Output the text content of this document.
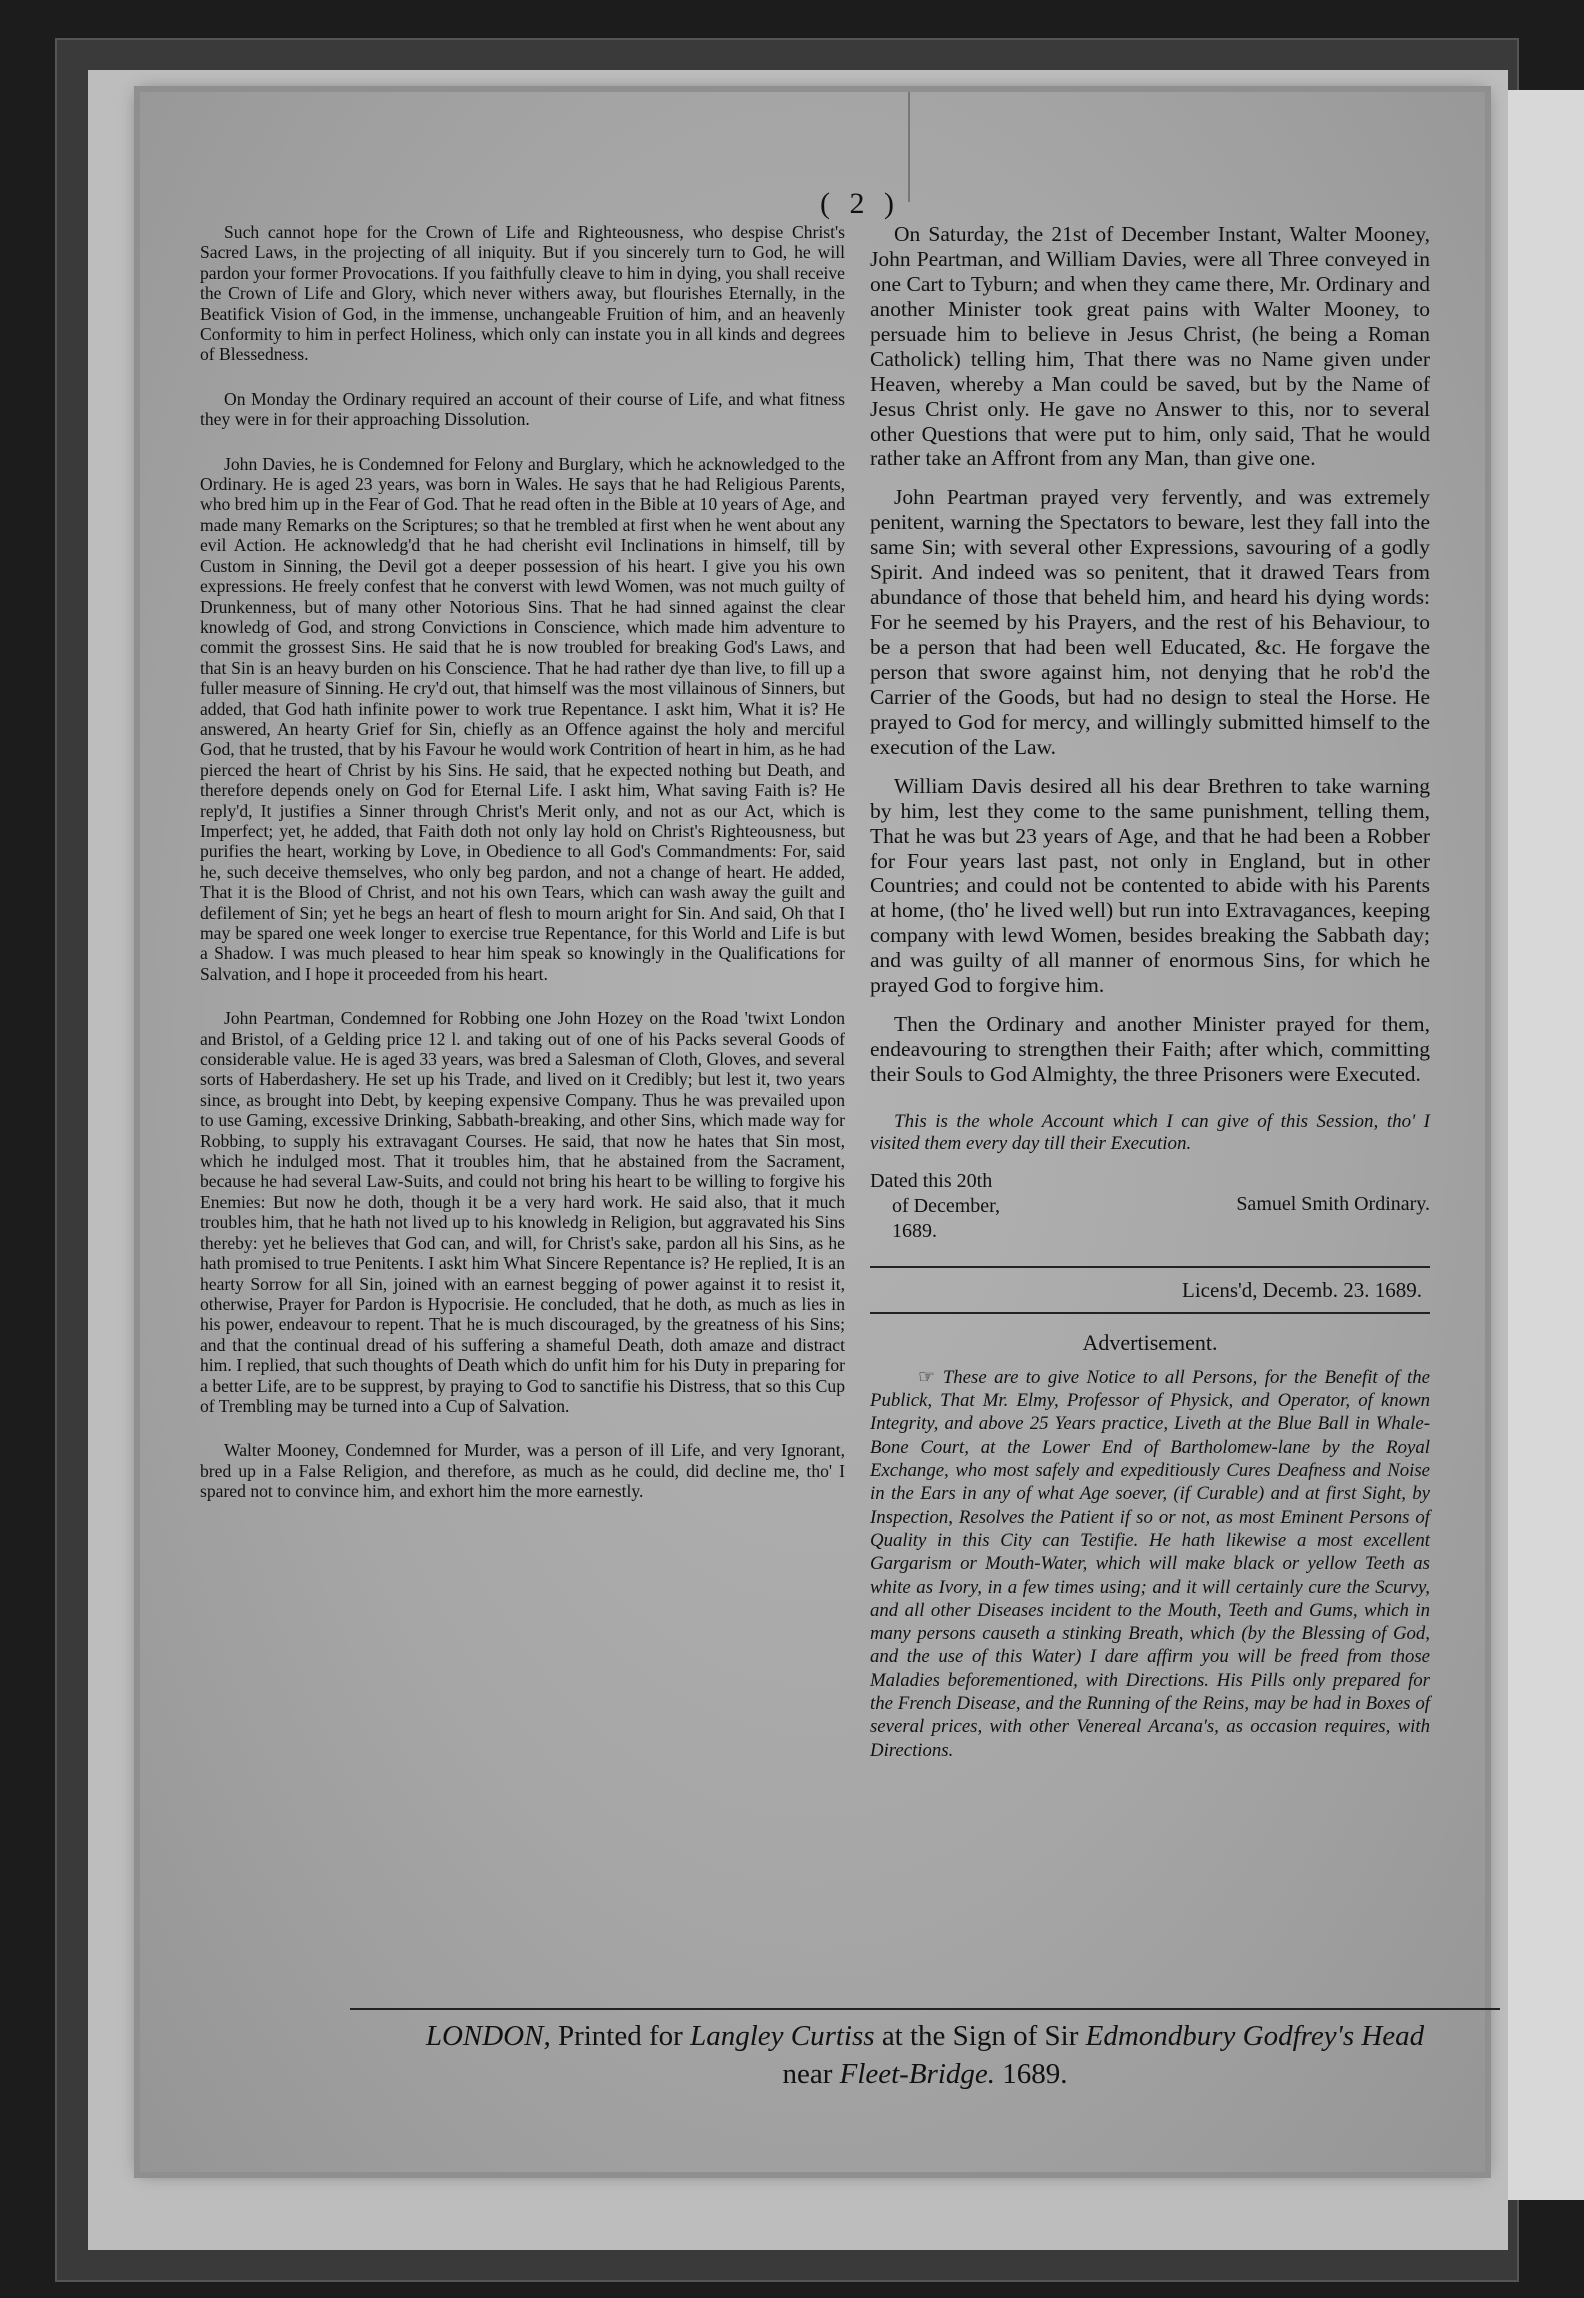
( 2 )

Such cannot hope for the Crown of Life and Righteousness, who despise Christ's Sacred Laws, in the projecting of all iniquity. But if you sincerely turn to God, he will pardon your former Provocations. If you faithfully cleave to him in dying, you shall receive the Crown of Life and Glory, which never withers away, but flourishes Eternally, in the Beatifick Vision of God, in the immense, unchangeable Fruition of him, and an heavenly Conformity to him in perfect Holiness, which only can instate you in all kinds and degrees of Blessedness.

On Monday the Ordinary required an account of their course of Life, and what fitness they were in for their approaching Dissolution.

John Davies, he is Condemned for Felony and Burglary, which he acknowledged to the Ordinary. He is aged 23 years, was born in Wales. He says that he had Religious Parents, who bred him up in the Fear of God. That he read often in the Bible at 10 years of Age, and made many Remarks on the Scriptures; so that he trembled at first when he went about any evil Action. He acknowledg'd that he had cherisht evil Inclinations in himself, till by Custom in Sinning, the Devil got a deeper possession of his heart. I give you his own expressions. He freely confest that he converst with lewd Women, was not much guilty of Drunkenness, but of many other Notorious Sins. That he had sinned against the clear knowledg of God, and strong Convictions in Conscience, which made him adventure to commit the grossest Sins. He said that he is now troubled for breaking God's Laws, and that Sin is an heavy burden on his Conscience. That he had rather dye than live, to fill up a fuller measure of Sinning. He cry'd out, that himself was the most villainous of Sinners, but added, that God hath infinite power to work true Repentance. I askt him, What it is? He answered, An hearty Grief for Sin, chiefly as an Offence against the holy and merciful God, that he trusted, that by his Favour he would work Contrition of heart in him, as he had pierced the heart of Christ by his Sins. He said, that he expected nothing but Death, and therefore depends onely on God for Eternal Life. I askt him, What saving Faith is? He reply'd, It justifies a Sinner through Christ's Merit only, and not as our Act, which is Imperfect; yet, he added, that Faith doth not only lay hold on Christ's Righteousness, but purifies the heart, working by Love, in Obedience to all God's Commandments: For, said he, such deceive themselves, who only beg pardon, and not a change of heart. He added, That it is the Blood of Christ, and not his own Tears, which can wash away the guilt and defilement of Sin; yet he begs an heart of flesh to mourn aright for Sin. And said, Oh that I may be spared one week longer to exercise true Repentance, for this World and Life is but a Shadow. I was much pleased to hear him speak so knowingly in the Qualifications for Salvation, and I hope it proceeded from his heart.

John Peartman, Condemned for Robbing one John Hozey on the Road 'twixt London and Bristol, of a Gelding price 12 l. and taking out of one of his Packs several Goods of considerable value. He is aged 33 years, was bred a Salesman of Cloth, Gloves, and several sorts of Haberdashery. He set up his Trade, and lived on it Credibly; but lest it, two years since, as brought into Debt, by keeping expensive Company. Thus he was prevailed upon to use Gaming, excessive Drinking, Sabbath-breaking, and other Sins, which made way for Robbing, to supply his extravagant Courses. He said, that now he hates that Sin most, which he indulged most. That it troubles him, that he abstained from the Sacrament, because he had several Law-Suits, and could not bring his heart to be willing to forgive his Enemies: But now he doth, though it be a very hard work. He said also, that it much troubles him, that he hath not lived up to his knowledg in Religion, but aggravated his Sins thereby: yet he believes that God can, and will, for Christ's sake, pardon all his Sins, as he hath promised to true Penitents. I askt him What Sincere Repentance is? He replied, It is an hearty Sorrow for all Sin, joined with an earnest begging of power against it to resist it, otherwise, Prayer for Pardon is Hypocrisie. He concluded, that he doth, as much as lies in his power, endeavour to repent. That he is much discouraged, by the greatness of his Sins; and that the continual dread of his suffering a shameful Death, doth amaze and distract him. I replied, that such thoughts of Death which do unfit him for his Duty in preparing for a better Life, are to be supprest, by praying to God to sanctifie his Distress, that so this Cup of Trembling may be turned into a Cup of Salvation.

Walter Mooney, Condemned for Murder, was a person of ill Life, and very Ignorant, bred up in a False Religion, and therefore, as much as he could, did decline me, tho' I spared not to convince him, and exhort him the more earnestly.

On Saturday, the 21st of December Instant, Walter Mooney, John Peartman, and William Davies, were all Three conveyed in one Cart to Tyburn; and when they came there, Mr. Ordinary and another Minister took great pains with Walter Mooney, to persuade him to believe in Jesus Christ, (he being a Roman Catholick) telling him, That there was no Name given under Heaven, whereby a Man could be saved, but by the Name of Jesus Christ only. He gave no Answer to this, nor to several other Questions that were put to him, only said, That he would rather take an Affront from any Man, than give one.

John Peartman prayed very fervently, and was extremely penitent, warning the Spectators to beware, lest they fall into the same Sin; with several other Expressions, savouring of a godly Spirit. And indeed was so penitent, that it drawed Tears from abundance of those that beheld him, and heard his dying words: For he seemed by his Prayers, and the rest of his Behaviour, to be a person that had been well Educated, &c. He forgave the person that swore against him, not denying that he rob'd the Carrier of the Goods, but had no design to steal the Horse. He prayed to God for mercy, and willingly submitted himself to the execution of the Law.

William Davis desired all his dear Brethren to take warning by him, lest they come to the same punishment, telling them, That he was but 23 years of Age, and that he had been a Robber for Four years last past, not only in England, but in other Countries; and could not be contented to abide with his Parents at home, (tho' he lived well) but run into Extravagances, keeping company with lewd Women, besides breaking the Sabbath day; and was guilty of all manner of enormous Sins, for which he prayed God to forgive him.

Then the Ordinary and another Minister prayed for them, endeavouring to strengthen their Faith; after which, committing their Souls to God Almighty, the three Prisoners were Executed.

This is the whole Account which I can give of this Session, tho' I visited them every day till their Execution.

Dated this 20th
of December,
1689.
Samuel Smith Ordinary.
Licens'd, Decemb. 23. 1689.
Advertisement.

☞ These are to give Notice to all Persons, for the Benefit of the Publick, That Mr. Elmy, Professor of Physick, and Operator, of known Integrity, and above 25 Years practice, Liveth at the Blue Ball in Whale-Bone Court, at the Lower End of Bartholomew-lane by the Royal Exchange, who most safely and expeditiously Cures Deafness and Noise in the Ears in any of what Age soever, (if Curable) and at first Sight, by Inspection, Resolves the Patient if so or not, as most Eminent Persons of Quality in this City can Testifie. He hath likewise a most excellent Gargarism or Mouth-Water, which will make black or yellow Teeth as white as Ivory, in a few times using; and it will certainly cure the Scurvy, and all other Diseases incident to the Mouth, Teeth and Gums, which in many persons causeth a stinking Breath, which (by the Blessing of God, and the use of this Water) I dare affirm you will be freed from those Maladies beforementioned, with Directions. His Pills only prepared for the French Disease, and the Running of the Reins, may be had in Boxes of several prices, with other Venereal Arcana's, as occasion requires, with Directions.

LONDON, Printed for Langley Curtiss at the Sign of Sir Edmondbury Godfrey's Head
near Fleet-Bridge. 1689.
